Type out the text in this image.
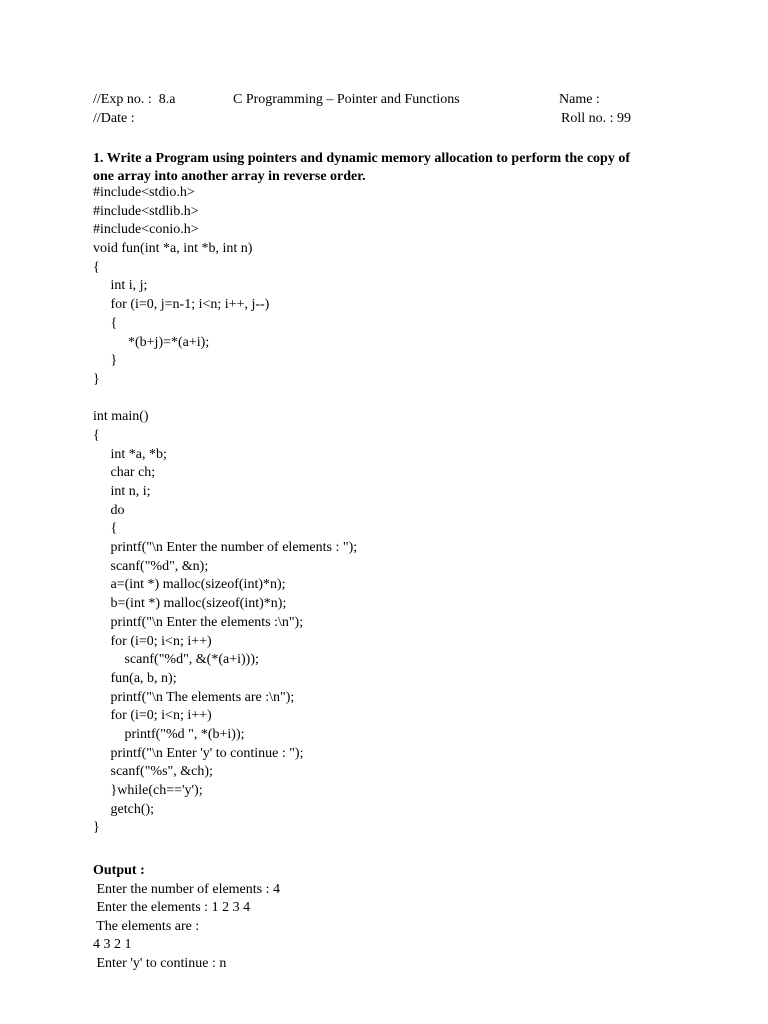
//Exp no. :  8.a	C Programming – Pointer and Functions	Name :
//Date :	Roll no. : 99
1. Write a Program using pointers and dynamic memory allocation to perform the copy of one array into another array in reverse order.
#include<stdio.h>
#include<stdlib.h>
#include<conio.h>
void fun(int *a, int *b, int n)
{
int i, j;
for (i=0, j=n-1; i<n; i++, j--)
{
*(b+j)=*(a+i);
}
}
int main()
{
int *a, *b;
char ch;
int n, i;
do
{
printf("\n Enter the number of elements : ");
scanf("%d", &n);
a=(int *) malloc(sizeof(int)*n);
b=(int *) malloc(sizeof(int)*n);
printf("\n Enter the elements :\n");
for (i=0; i<n; i++)
scanf("%d", &(*(a+i)));
fun(a, b, n);
printf("\n The elements are :\n");
for (i=0; i<n; i++)
printf("%d ", *(b+i));
printf("\n Enter 'y' to continue : ");
scanf("%s", &ch);
}while(ch=='y');
getch();
}
Output :
Enter the number of elements : 4
Enter the elements : 1 2 3 4
The elements are :
4 3 2 1
Enter 'y' to continue : n
